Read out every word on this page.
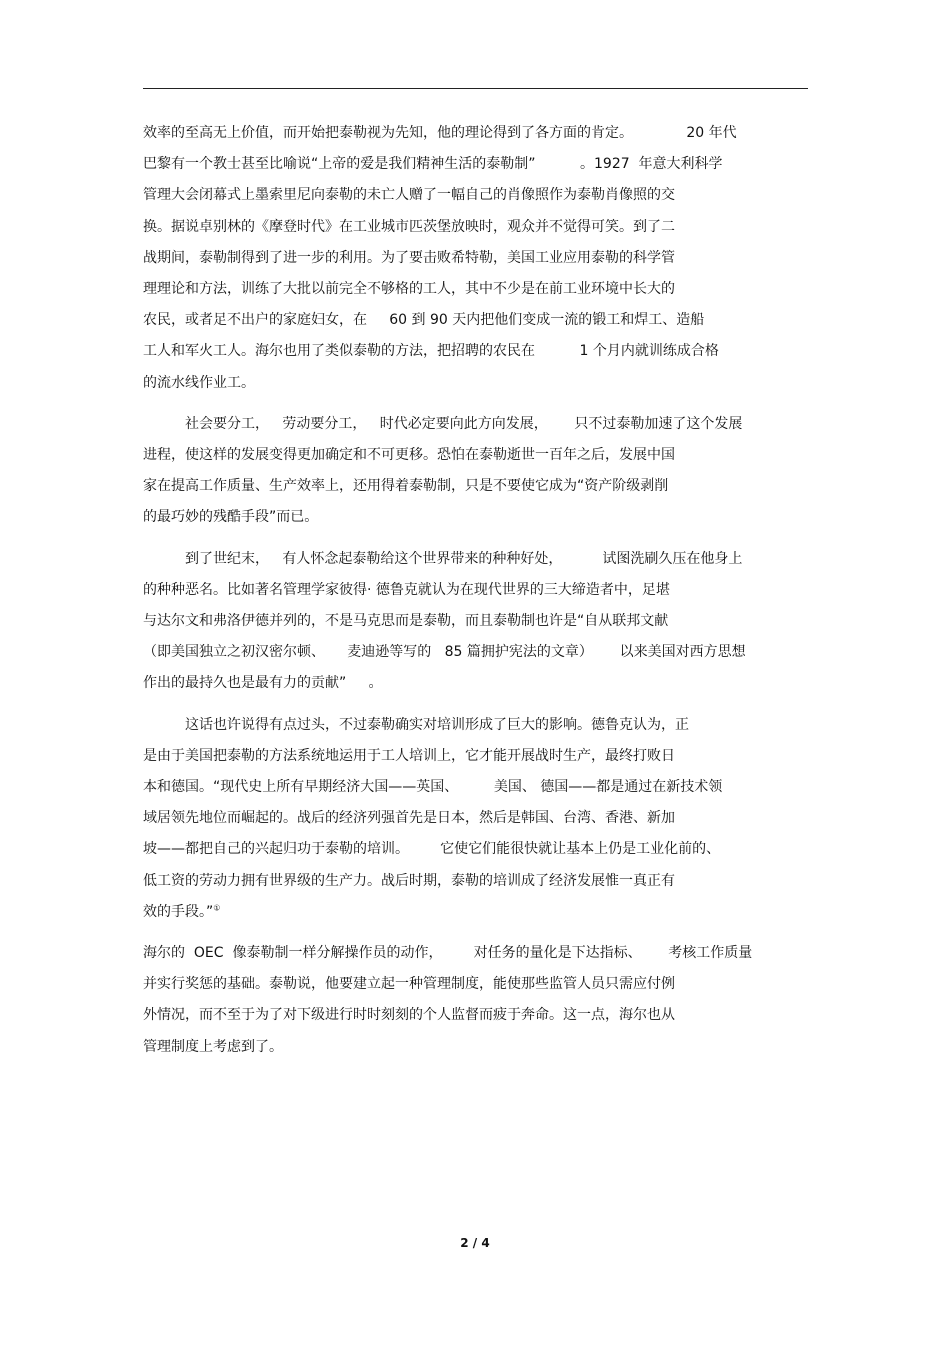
效率的至高无上价值，而开始把泰勒视为先知，他的理论得到了各方面的肯定。            20 年代
巴黎有一个教士甚至比喻说“上帝的爱是我们精神生活的泰勒制”          。1927  年意大利科学
管理大会闭幕式上墨索里尼向泰勒的未亡人赠了一幅自己的肖像照作为泰勒肖像照的交
换。据说卓别林的《摩登时代》在工业城市匹茨堡放映时，观众并不觉得可笑。到了二
战期间，泰勒制得到了进一步的利用。为了要击败希特勒，美国工业应用泰勒的科学管
理理论和方法，训练了大批以前完全不够格的工人，其中不少是在前工业环境中长大的
农民，或者足不出户的家庭妇女，在     60 到 90 天内把他们变成一流的锻工和焊工、造船
工人和军火工人。海尔也用了类似泰勒的方法，把招聘的农民在          1 个月内就训练成合格
的流水线作业工。
社会要分工，   劳动要分工，   时代必定要向此方向发展，      只不过泰勒加速了这个发展
进程，使这样的发展变得更加确定和不可更移。恐怕在泰勒逝世一百年之后，发展中国
家在提高工作质量、生产效率上，还用得着泰勒制，只是不要使它成为“资产阶级剥削
的最巧妙的残酷手段”而已。
到了世纪末，   有人怀念起泰勒给这个世界带来的种种好处，         试图洗刷久压在他身上
的种种恶名。比如著名管理学家彼得· 德鲁克就认为在现代世界的三大缔造者中，足堪
与达尔文和弗洛伊德并列的，不是马克思而是泰勒，而且泰勒制也许是“自从联邦文献
（即美国独立之初汉密尔顿、     麦迪逊等写的   85 篇拥护宪法的文章）      以来美国对西方思想
作出的最持久也是最有力的贡献”     。
这话也许说得有点过头，不过泰勒确实对培训形成了巨大的影响。德鲁克认为，正
是由于美国把泰勒的方法系统地运用于工人培训上，它才能开展战时生产，最终打败日
本和德国。“现代史上所有早期经济大国——英国、        美国、 德国——都是通过在新技术领
域居领先地位而崛起的。战后的经济列强首先是日本，然后是韩国、台湾、香港、新加
坡——都把自己的兴起归功于泰勒的培训。       它使它们能很快就让基本上仍是工业化前的、
低工资的劳动力拥有世界级的生产力。战后时期，泰勒的培训成了经济发展惟一真正有
效的手段。”①
海尔的  OEC  像泰勒制一样分解操作员的动作，       对任务的量化是下达指标、      考核工作质量
并实行奖惩的基础。泰勒说，他要建立起一种管理制度，能使那些监管人员只需应付例
外情况，而不至于为了对下级进行时时刻刻的个人监督而疲于奔命。这一点，海尔也从
管理制度上考虑到了。
2 / 4
